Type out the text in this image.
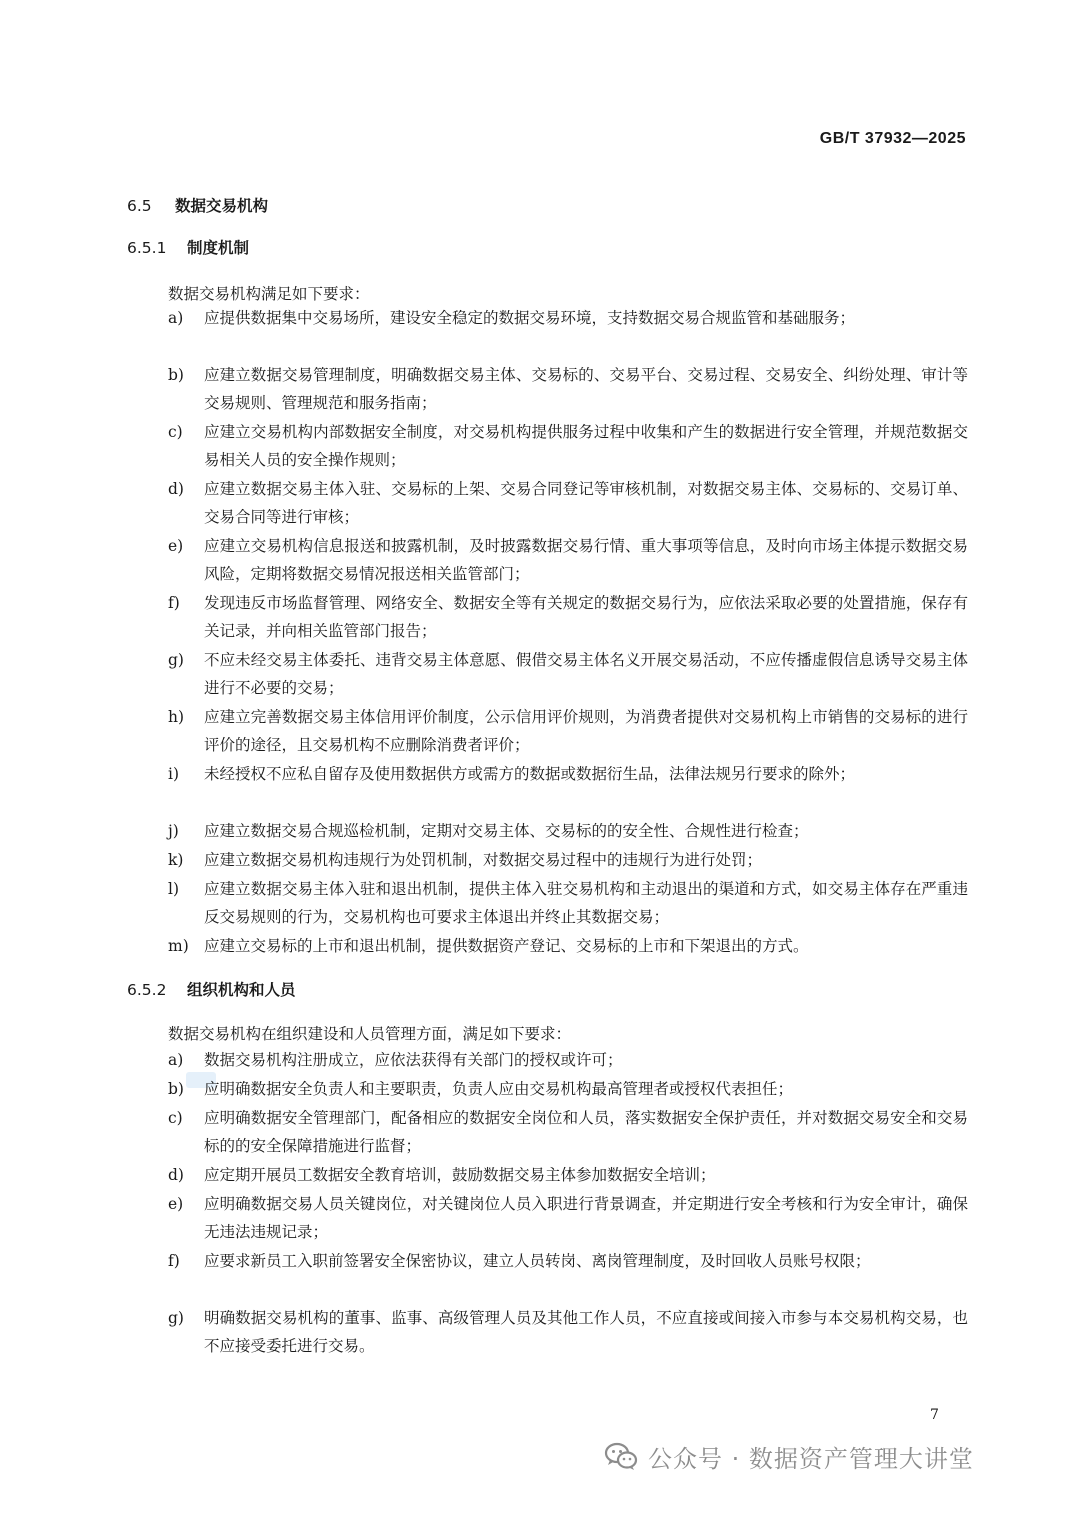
GB/T 37932—2025
6.5 数据交易机构
6.5.1 制度机制
数据交易机构满足如下要求：
a) 应提供数据集中交易场所，建设安全稳定的数据交易环境，支持数据交易合规监管和基础服务；
b) 应建立数据交易管理制度，明确数据交易主体、交易标的、交易平台、交易过程、交易安全、纠纷处理、审计等交易规则、管理规范和服务指南；
c) 应建立交易机构内部数据安全制度，对交易机构提供服务过程中收集和产生的数据进行安全管理，并规范数据交易相关人员的安全操作规则；
d) 应建立数据交易主体入驻、交易标的上架、交易合同登记等审核机制，对数据交易主体、交易标的、交易订单、交易合同等进行审核；
e) 应建立交易机构信息报送和披露机制，及时披露数据交易行情、重大事项等信息，及时向市场主体提示数据交易风险，定期将数据交易情况报送相关监管部门；
f) 发现违反市场监督管理、网络安全、数据安全等有关规定的数据交易行为，应依法采取必要的处置措施，保存有关记录，并向相关监管部门报告；
g) 不应未经交易主体委托、违背交易主体意愿、假借交易主体名义开展交易活动，不应传播虚假信息诱导交易主体进行不必要的交易；
h) 应建立完善数据交易主体信用评价制度，公示信用评价规则，为消费者提供对交易机构上市销售的交易标的进行评价的途径，且交易机构不应删除消费者评价；
i) 未经授权不应私自留存及使用数据供方或需方的数据或数据衍生品，法律法规另行要求的除外；
j) 应建立数据交易合规巡检机制，定期对交易主体、交易标的的安全性、合规性进行检查；
k) 应建立数据交易机构违规行为处罚机制，对数据交易过程中的违规行为进行处罚；
l) 应建立数据交易主体入驻和退出机制，提供主体入驻交易机构和主动退出的渠道和方式，如交易主体存在严重违反交易规则的行为，交易机构也可要求主体退出并终止其数据交易；
m) 应建立交易标的上市和退出机制，提供数据资产登记、交易标的上市和下架退出的方式。
6.5.2 组织机构和人员
数据交易机构在组织建设和人员管理方面，满足如下要求：
a) 数据交易机构注册成立，应依法获得有关部门的授权或许可；
b) 应明确数据安全负责人和主要职责，负责人应由交易机构最高管理者或授权代表担任；
c) 应明确数据安全管理部门，配备相应的数据安全岗位和人员，落实数据安全保护责任，并对数据交易安全和交易标的的安全保障措施进行监督；
d) 应定期开展员工数据安全教育培训，鼓励数据交易主体参加数据安全培训；
e) 应明确数据交易人员关键岗位，对关键岗位人员入职进行背景调查，并定期进行安全考核和行为安全审计，确保无违法违规记录；
f) 应要求新员工入职前签署安全保密协议，建立人员转岗、离岗管理制度，及时回收人员账号权限；
g) 明确数据交易机构的董事、监事、高级管理人员及其他工作人员，不应直接或间接入市参与本交易机构交易，也不应接受委托进行交易。
7
公众号 · 数据资产管理大讲堂
